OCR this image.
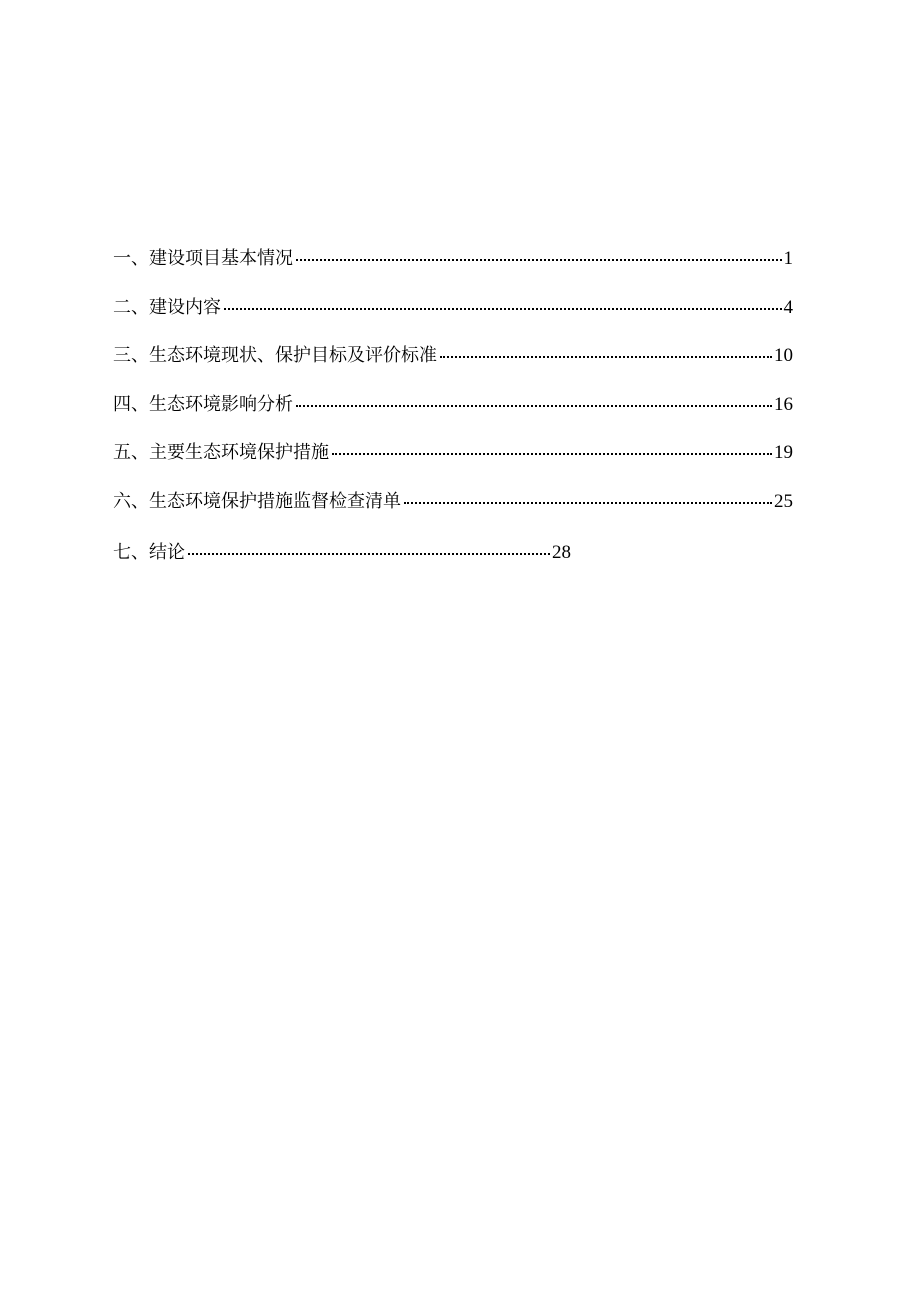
一、 建设项目基本情况	1
二、 建设内容	4
三、 生态环境现状、保护目标及评价标准	10
四、 生态环境影响分析	16
五、 主要生态环境保护措施	19
六、 生态环境保护措施监督检查清单	25
七、 结论	28
